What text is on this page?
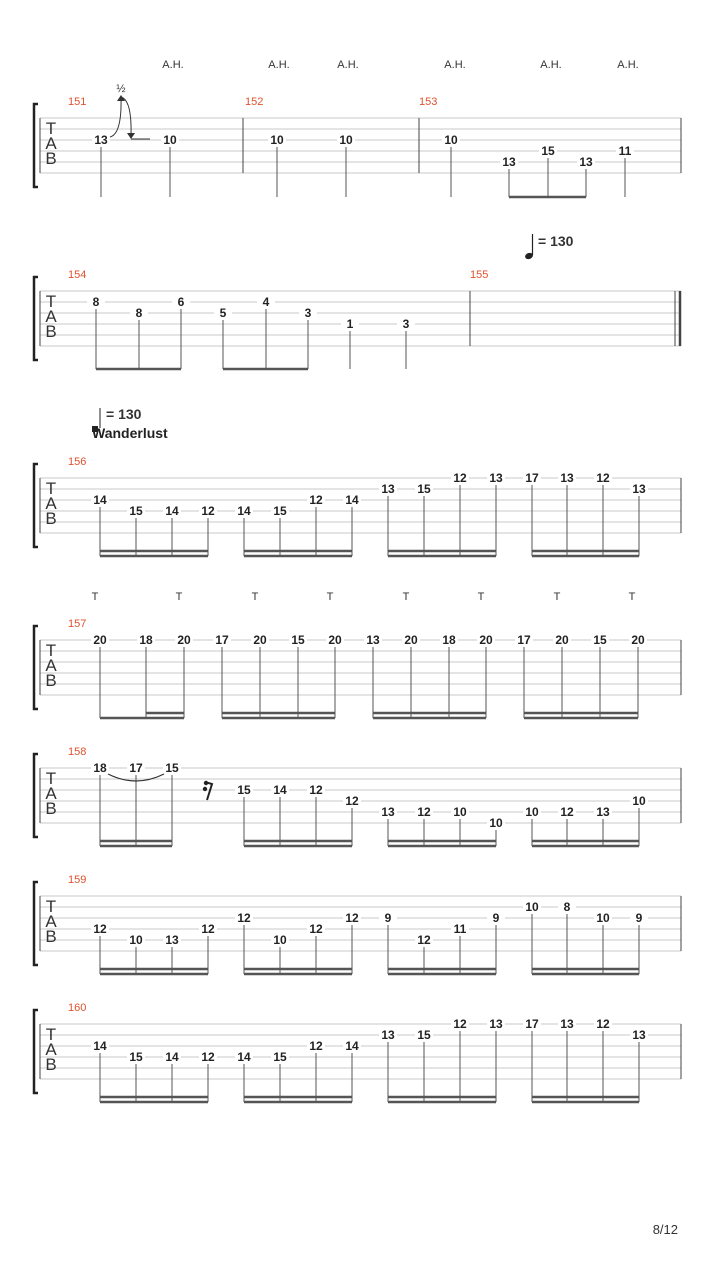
T
A
B
151	152	153
13	10	10	10	10
13
15
13
11
A.H.	A.H.	A.H.	A.H.	A.H.	A.H.
T
A
B
154	155
8
8
6
5
4
3
1	3
T
A
B
156
14
15 14 12 14 15
12 14
13 15
12 13 17 13 12
13
T
A
B
157
20	18 20 17 20 15 20 13 20 18 20 17 20 15 20
T	T	T	T	T	T	T	T
T
A
B
158
18 17 15
15 14 12
12
13 12 10
10
10 12 13
10
T
A
B
159
12
10 13
12
12
10
12
12 9
12
11
9
10 8
10 9
T
A
B
160
14
15 14 12 14 15
12 14
13 15
12 13 17 13 12
13
½
= 130
= 130
Wanderlust
8/12
